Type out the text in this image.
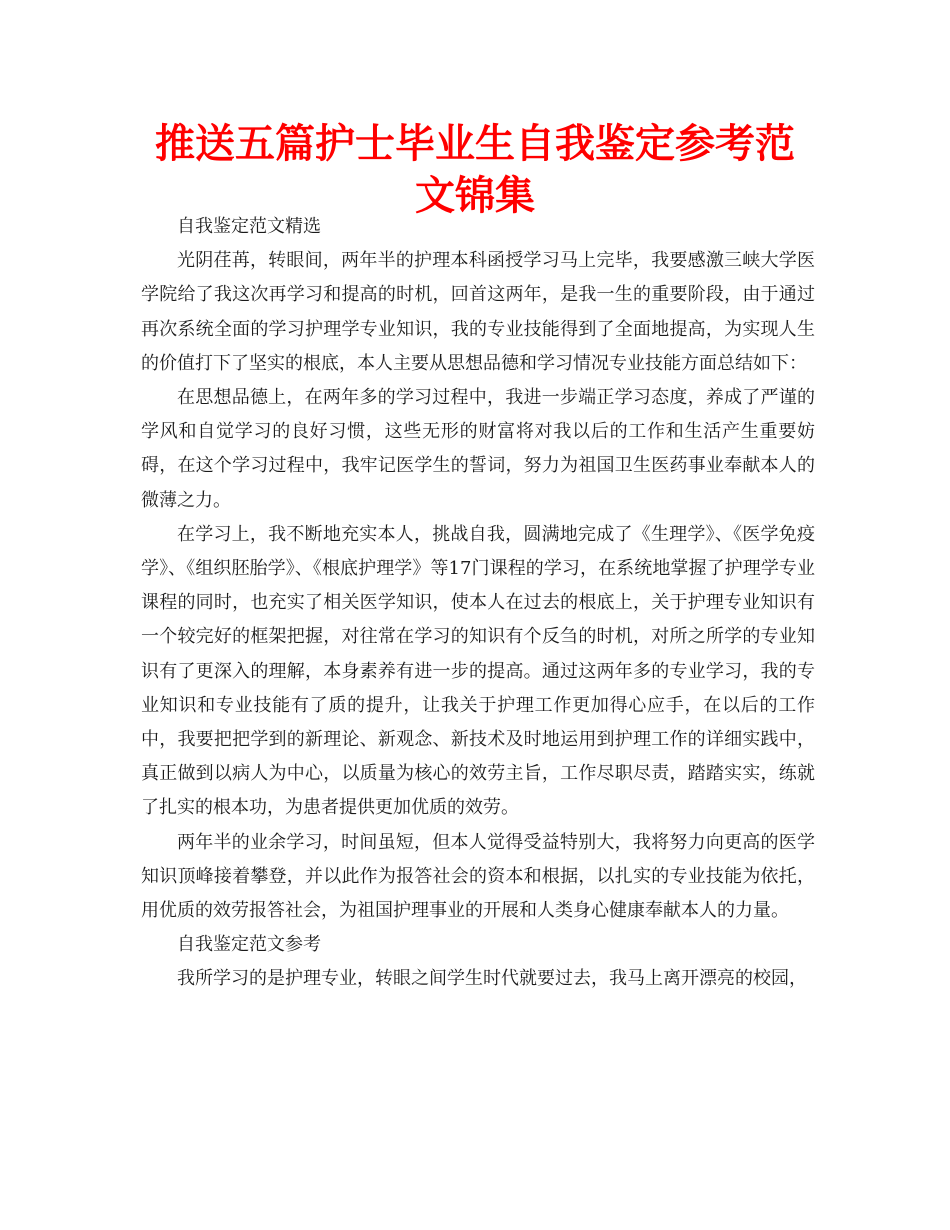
推送五篇护士毕业生自我鉴定参考范文锦集

自我鉴定范文精选

光阴荏苒，转眼间，两年半的护理本科函授学习马上完毕，我要感激三峡大学医学院给了我这次再学习和提高的时机，回首这两年，是我一生的重要阶段，由于通过再次系统全面的学习护理学专业知识，我的专业技能得到了全面地提高，为实现人生的价值打下了坚实的根底，本人主要从思想品德和学习情况专业技能方面总结如下：

在思想品德上，在两年多的学习过程中，我进一步端正学习态度，养成了严谨的学风和自觉学习的良好习惯，这些无形的财富将对我以后的工作和生活产生重要妨碍，在这个学习过程中，我牢记医学生的誓词，努力为祖国卫生医药事业奉献本人的微薄之力。

在学习上，我不断地充实本人，挑战自我，圆满地完成了《生理学》、《医学免疫学》、《组织胚胎学》、《根底护理学》等17门课程的学习，在系统地掌握了护理学专业课程的同时，也充实了相关医学知识，使本人在过去的根底上，关于护理专业知识有一个较完好的框架把握，对往常在学习的知识有个反刍的时机，对所之所学的专业知识有了更深入的理解，本身素养有进一步的提高。通过这两年多的专业学习，我的专业知识和专业技能有了质的提升，让我关于护理工作更加得心应手，在以后的工作中，我要把把学到的新理论、新观念、新技术及时地运用到护理工作的详细实践中，真正做到以病人为中心，以质量为核心的效劳主旨，工作尽职尽责，踏踏实实，练就了扎实的根本功，为患者提供更加优质的效劳。

两年半的业余学习，时间虽短，但本人觉得受益特别大，我将努力向更高的医学知识顶峰接着攀登，并以此作为报答社会的资本和根据，以扎实的专业技能为依托，用优质的效劳报答社会，为祖国护理事业的开展和人类身心健康奉献本人的力量。

自我鉴定范文参考

我所学习的是护理专业，转眼之间学生时代就要过去，我马上离开漂亮的校园，
